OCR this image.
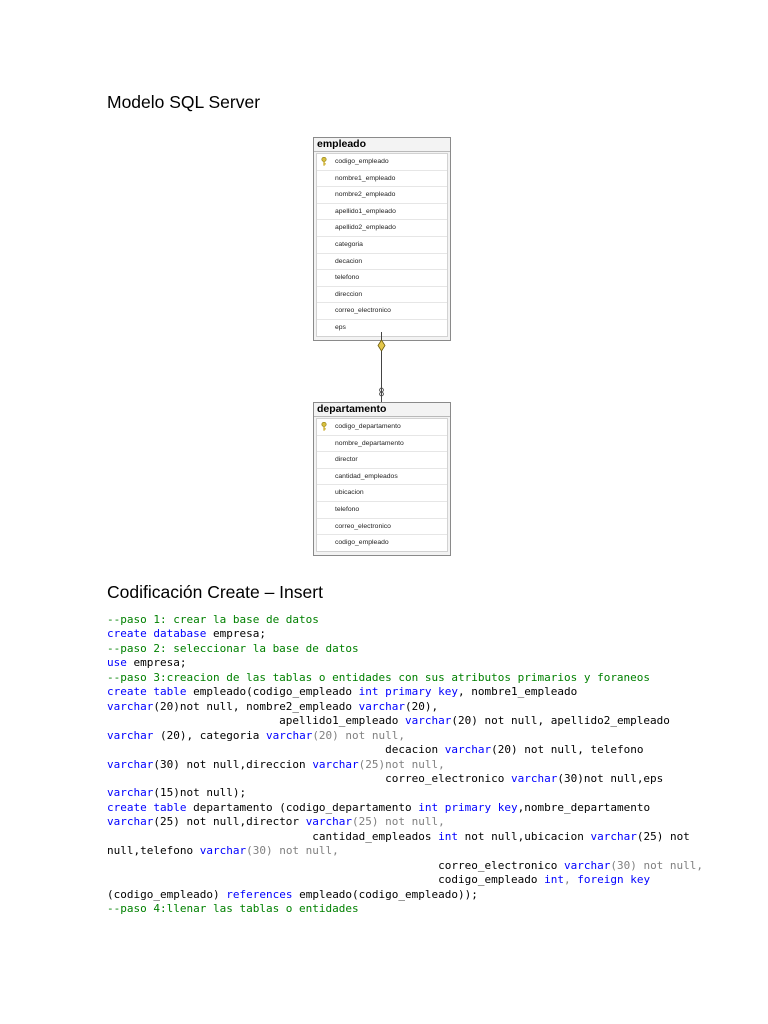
Modelo SQL Server
empleado
codigo_empleado
nombre1_empleado
nombre2_empleado
apellido1_empleado
apellido2_empleado
categoria
decacion
telefono
direccion
correo_electronico
eps
departamento
codigo_departamento
nombre_departamento
director
cantidad_empleados
ubicacion
telefono
correo_electronico
codigo_empleado
Codificación Create – Insert
--paso 1: crear la base de datos
create database empresa;
--paso 2: seleccionar la base de datos
use empresa;
--paso 3:creacion de las tablas o entidades con sus atributos primarios y foraneos
create table empleado(codigo_empleado int primary key, nombre1_empleado
varchar(20)not null, nombre2_empleado varchar(20),
apellido1_empleado varchar(20) not null, apellido2_empleado
varchar (20), categoria varchar(20) not null,
decacion varchar(20) not null, telefono
varchar(30) not null,direccion varchar(25)not null,
correo_electronico varchar(30)not null,eps
varchar(15)not null);
create table departamento (codigo_departamento int primary key,nombre_departamento
varchar(25) not null,director varchar(25) not null,
cantidad_empleados int not null,ubicacion varchar(25) not
null,telefono varchar(30) not null,
correo_electronico varchar(30) not null,
codigo_empleado int, foreign key
(codigo_empleado) references empleado(codigo_empleado));
--paso 4:llenar las tablas o entidades
